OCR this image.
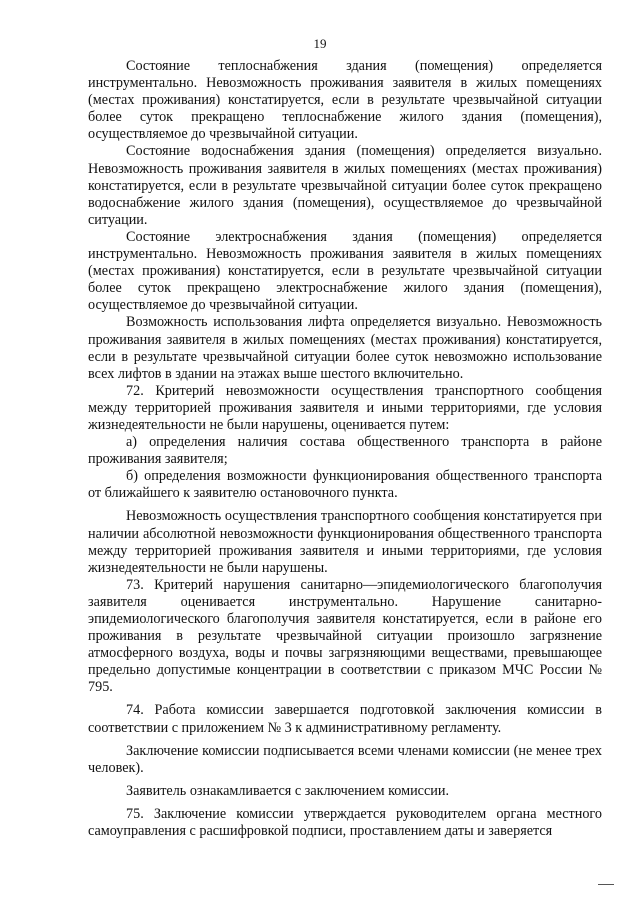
19

Состояние теплоснабжения здания (помещения) определяется инструментально. Невозможность проживания заявителя в жилых помещениях (местах проживания) констатируется, если в результате чрезвычайной ситуации более суток прекращено теплоснабжение жилого здания (помещения), осуществляемое до чрезвычайной ситуации.

Состояние водоснабжения здания (помещения) определяется визуально. Невозможность проживания заявителя в жилых помещениях (местах проживания) констатируется, если в результате чрезвычайной ситуации более суток прекращено водоснабжение жилого здания (помещения), осуществляемое до чрезвычайной ситуации.

Состояние электроснабжения здания (помещения) определяется инструментально. Невозможность проживания заявителя в жилых помещениях (местах проживания) констатируется, если в результате чрезвычайной ситуации более суток прекращено электроснабжение жилого здания (помещения), осуществляемое до чрезвычайной ситуации.

Возможность использования лифта определяется визуально. Невозможность проживания заявителя в жилых помещениях (местах проживания) констатируется, если в результате чрезвычайной ситуации более суток невозможно использование всех лифтов в здании на этажах выше шестого включительно.

72. Критерий невозможности осуществления транспортного сообщения между территорией проживания заявителя и иными территориями, где условия жизнедеятельности не были нарушены, оценивается путем:

а) определения наличия состава общественного транспорта в районе проживания заявителя;

б) определения возможности функционирования общественного транспорта от ближайшего к заявителю остановочного пункта.

Невозможность осуществления транспортного сообщения констатируется при наличии абсолютной невозможности функционирования общественного транспорта между территорией проживания заявителя и иными территориями, где условия жизнедеятельности не были нарушены.

73. Критерий нарушения санитарно—эпидемиологического благополучия заявителя оценивается инструментально. Нарушение санитарно-эпидемиологического благополучия заявителя констатируется, если в районе его проживания в результате чрезвычайной ситуации произошло загрязнение атмосферного воздуха, воды и почвы загрязняющими веществами, превышающее предельно допустимые концентрации в соответствии с приказом МЧС России № 795.

74. Работа комиссии завершается подготовкой заключения комиссии в соответствии с приложением № 3 к административному регламенту.

Заключение комиссии подписывается всеми членами комиссии (не менее трех человек).

Заявитель ознакамливается с заключением комиссии.

75. Заключение комиссии утверждается руководителем органа местного самоуправления с расшифровкой подписи, проставлением даты и заверяется
